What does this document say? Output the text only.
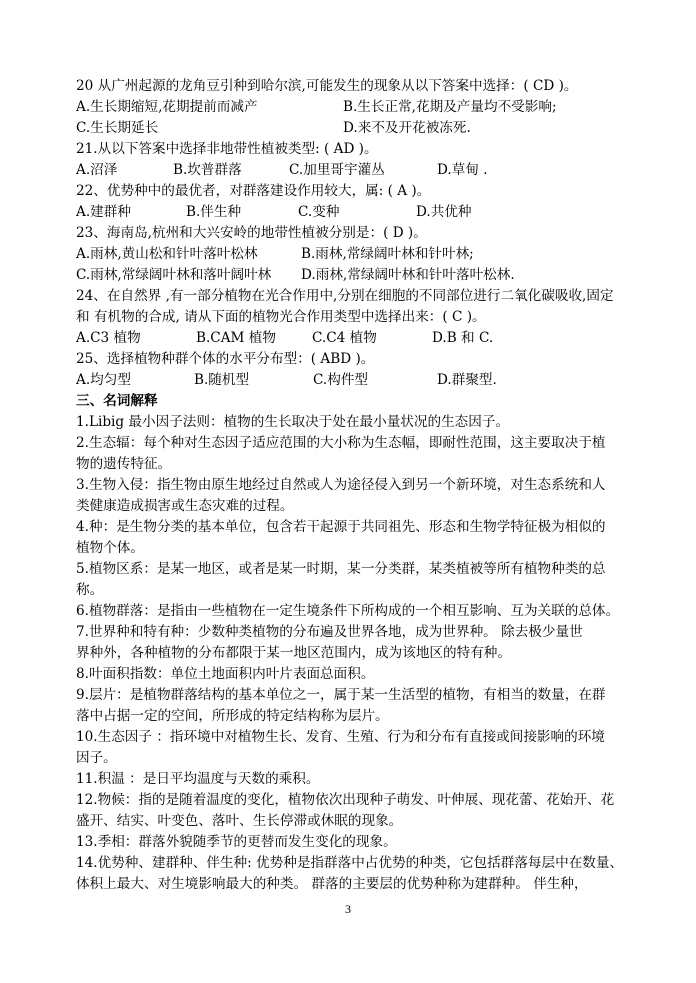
20 从广州起源的龙角豆引种到哈尔滨,可能发生的现象从以下答案中选择：( CD )。
A.生长期缩短,花期提前而减产	B.生长正常,花期及产量均不受影响;
C.生长期延长	D.来不及开花被冻死.
21.从以下答案中选择非地带性植被类型: ( AD )。
A.沼泽	B.坎普群落	C.加里哥宇灌丛	D.草甸 .
22、优势种中的最优者，对群落建设作用较大，属: ( A )。
A.建群种	B.伴生种	C.变种	D.共优种
23、海南岛,杭州和大兴安岭的地带性植被分别是：( D )。
A.雨林,黄山松和针叶落叶松林	B.雨林,常绿阔叶林和针叶林;
C.雨林,常绿阔叶林和落叶阔叶林	D.雨林,常绿阔叶林和针叶落叶松林.
24、在自然界 ,有一部分植物在光合作用中,分别在细胞的不同部位进行二氧化碳吸收,固定
和 有机物的合成, 请从下面的植物光合作用类型中选择出来：( C )。
A.C3 植物	B.CAM 植物	C.C4 植物	D.B 和 C.
25、选择植物种群个体的水平分布型：( ABD )。
A.均匀型	B.随机型	C.构件型	D.群聚型.
三、名词解释
1.Libig 最小因子法则：植物的生长取决于处在最小量状况的生态因子。
2.生态辐：每个种对生态因子适应范围的大小称为生态幅，即耐性范围，这主要取决于植
物的遗传特征。
3.生物入侵：指生物由原生地经过自然或人为途径侵入到另一个新环境，对生态系统和人
类健康造成损害或生态灾难的过程。
4.种：是生物分类的基本单位，包含若干起源于共同祖先、形态和生物学特征极为相似的
植物个体。
5.植物区系：是某一地区，或者是某一时期，某一分类群，某类植被等所有植物种类的总
称。
6.植物群落：是指由一些植物在一定生境条件下所构成的一个相互影响、互为关联的总体。
7.世界种和特有种：少数种类植物的分布遍及世界各地，成为世界种。 除去极少量世
界种外，各种植物的分布都限于某一地区范围内，成为该地区的特有种。
8.叶面积指数：单位土地面积内叶片表面总面积。
9.层片：是植物群落结构的基本单位之一，属于某一生活型的植物，有相当的数量，在群
落中占据一定的空间，所形成的特定结构称为层片。
10.生态因子 ：指环境中对植物生长、发育、生殖、行为和分布有直接或间接影响的环境
因子。
11.积温 ：是日平均温度与天数的乘积。
12.物候：指的是随着温度的变化，植物依次出现种子萌发、叶伸展、现花蕾、花始开、花
盛开、结实、叶变色、落叶、生长停滞或休眠的现象。
13.季相：群落外貌随季节的更替而发生变化的现象。
14.优势种、建群种、伴生种: 优势种是指群落中占优势的种类，它包括群落每层中在数量、
体积上最大、对生境影响最大的种类。 群落的主要层的优势种称为建群种。 伴生种，
3
